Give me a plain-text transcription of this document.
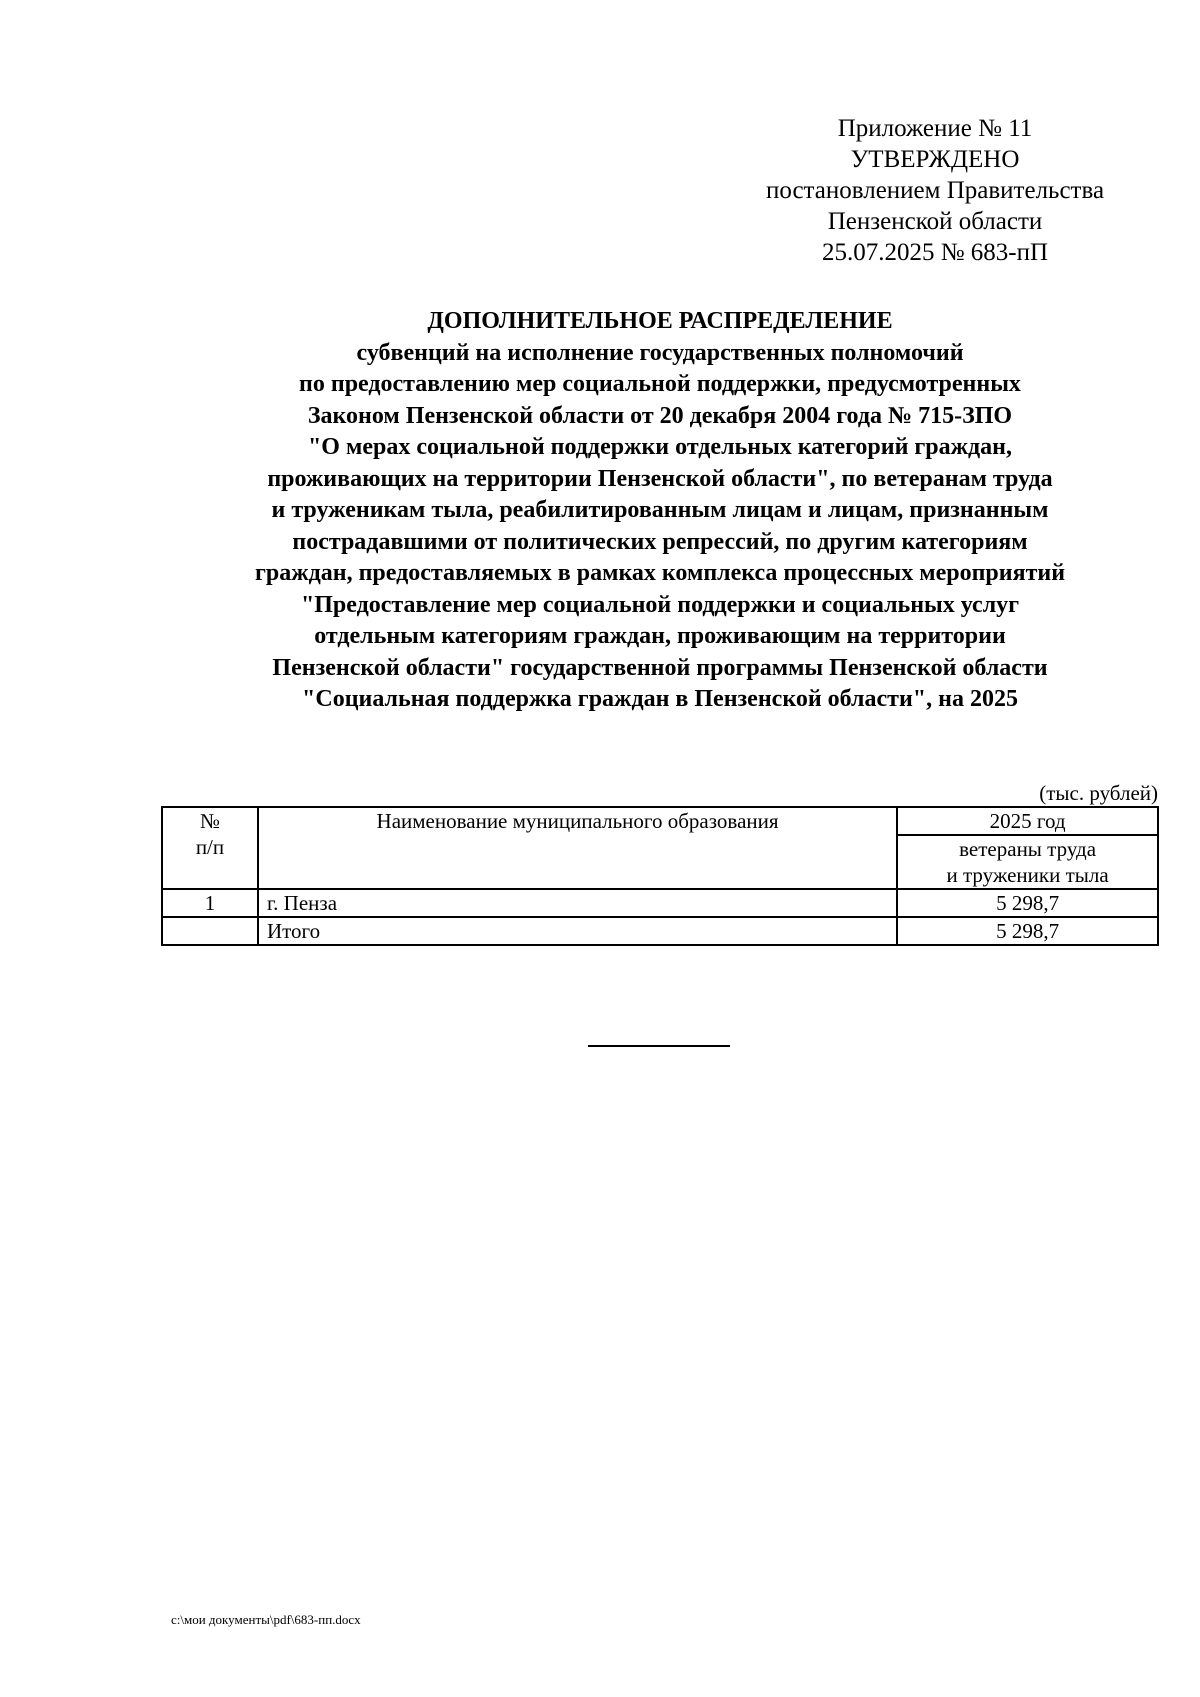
Приложение № 11
УТВЕРЖДЕНО
постановлением Правительства
Пензенской области
25.07.2025 № 683-пП
ДОПОЛНИТЕЛЬНОЕ РАСПРЕДЕЛЕНИЕ
субвенций на исполнение государственных полномочий
по предоставлению мер социальной поддержки, предусмотренных
Законом Пензенской области от 20 декабря 2004 года № 715-ЗПО
"О мерах социальной поддержки отдельных категорий граждан,
проживающих на территории Пензенской области", по ветеранам труда
и труженикам тыла, реабилитированным лицам и лицам, признанным
пострадавшими от политических репрессий, по другим категориям
граждан, предоставляемых в рамках комплекса процессных мероприятий
"Предоставление мер социальной поддержки и социальных услуг
отдельным категориям граждан, проживающим на территории
Пензенской области" государственной программы Пензенской области
"Социальная поддержка граждан в Пензенской области", на 2025
(тыс. рублей)
№
п/п	Наименование муниципального образования	2025 год

		ветераны труда
и труженики тыла

1	г. Пенза	5 298,7
	Итого	5 298,7
c:\мои документы\pdf\683-пп.docx
